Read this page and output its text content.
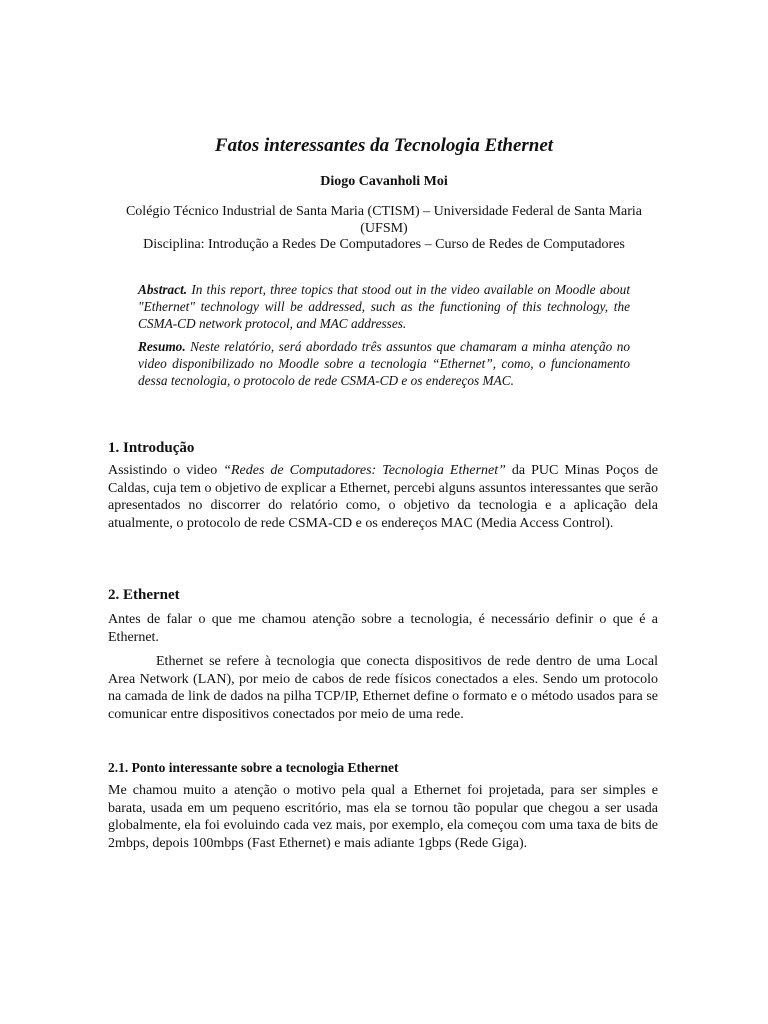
Fatos interessantes da Tecnologia Ethernet
Diogo Cavanholi Moi

Colégio Técnico Industrial de Santa Maria (CTISM) – Universidade Federal de Santa Maria (UFSM)

Disciplina: Introdução a Redes De Computadores – Curso de Redes de Computadores

Abstract. In this report, three topics that stood out in the video available on Moodle about "Ethernet" technology will be addressed, such as the functioning of this technology, the CSMA-CD network protocol, and MAC addresses.

Resumo. Neste relatório, será abordado três assuntos que chamaram a minha atenção no video disponibilizado no Moodle sobre a tecnologia “Ethernet”, como, o funcionamento dessa tecnologia, o protocolo de rede CSMA-CD e os endereços MAC.

1. Introdução

Assistindo o video “Redes de Computadores: Tecnologia Ethernet” da PUC Minas Poços de Caldas, cuja tem o objetivo de explicar a Ethernet, percebi alguns assuntos interessantes que serão apresentados no discorrer do relatório como, o objetivo da tecnologia e a aplicação dela atualmente, o protocolo de rede CSMA-CD e os endereços MAC (Media Access Control).

2. Ethernet

Antes de falar o que me chamou atenção sobre a tecnologia, é necessário definir o que é a Ethernet.

Ethernet se refere à tecnologia que conecta dispositivos de rede dentro de uma Local Area Network (LAN), por meio de cabos de rede físicos conectados a eles. Sendo um protocolo na camada de link de dados na pilha TCP/IP, Ethernet define o formato e o método usados para se comunicar entre dispositivos conectados por meio de uma rede.

2.1. Ponto interessante sobre a tecnologia Ethernet

Me chamou muito a atenção o motivo pela qual a Ethernet foi projetada, para ser simples e barata, usada em um pequeno escritório, mas ela se tornou tão popular que chegou a ser usada globalmente, ela foi evoluindo cada vez mais, por exemplo, ela começou com uma taxa de bits de 2mbps, depois 100mbps (Fast Ethernet) e mais adiante 1gbps (Rede Giga).
